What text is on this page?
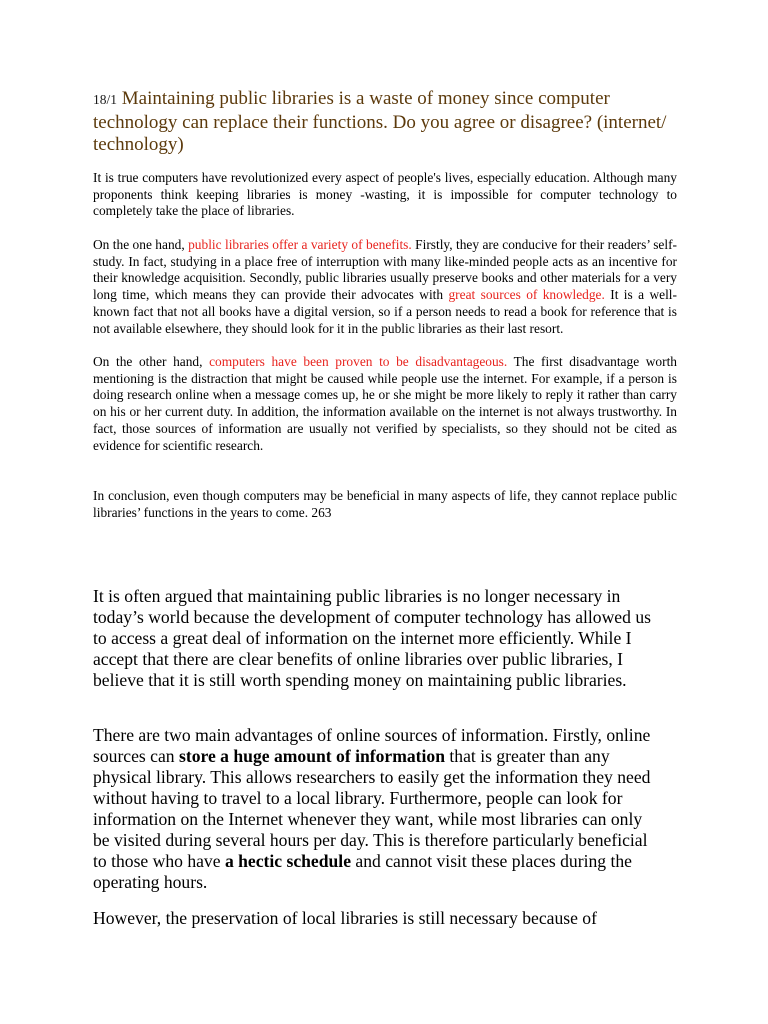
18/1 Maintaining public libraries is a waste of money since computer technology can replace their functions. Do you agree or disagree? (internet/ technology)

It is true computers have revolutionized every aspect of people's lives, especially education. Although many proponents think keeping libraries is money -wasting, it is impossible for computer technology to completely take the place of libraries.

On the one hand, public libraries offer a variety of benefits. Firstly, they are conducive for their readers’ self-study. In fact, studying in a place free of interruption with many like-minded people acts as an incentive for their knowledge acquisition. Secondly, public libraries usually preserve books and other materials for a very long time, which means they can provide their advocates with great sources of knowledge. It is a well-known fact that not all books have a digital version, so if a person needs to read a book for reference that is not available elsewhere, they should look for it in the public libraries as their last resort.

On the other hand, computers have been proven to be disadvantageous. The first disadvantage worth mentioning is the distraction that might be caused while people use the internet. For example, if a person is doing research online when a message comes up, he or she might be more likely to reply it rather than carry on his or her current duty. In addition, the information available on the internet is not always trustworthy. In fact, those sources of information are usually not verified by specialists, so they should not be cited as evidence for scientific research.

In conclusion, even though computers may be beneficial in many aspects of life, they cannot replace public libraries’ functions in the years to come. 263

It is often argued that maintaining public libraries is no longer necessary in today’s world because the development of computer technology has allowed us to access a great deal of information on the internet more efficiently. While I accept that there are clear benefits of online libraries over public libraries, I believe that it is still worth spending money on maintaining public libraries.

There are two main advantages of online sources of information. Firstly, online sources can store a huge amount of information that is greater than any physical library. This allows researchers to easily get the information they need without having to travel to a local library. Furthermore, people can look for information on the Internet whenever they want, while most libraries can only be visited during several hours per day. This is therefore particularly beneficial to those who have a hectic schedule and cannot visit these places during the operating hours.

However, the preservation of local libraries is still necessary because of
